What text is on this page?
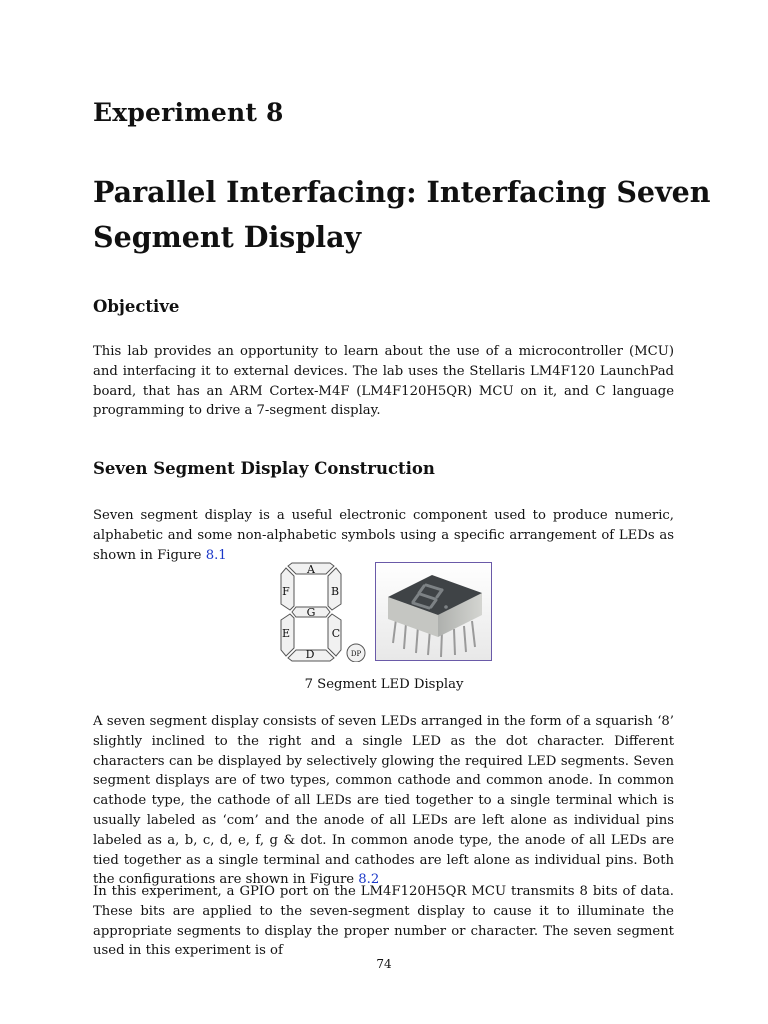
Experiment 8
Parallel Interfacing: Interfacing Seven Segment Display
Objective

This lab provides an opportunity to learn about the use of a microcontroller (MCU) and interfacing it to external devices. The lab uses the Stellaris LM4F120 LaunchPad board, that has an ARM Cortex-M4F (LM4F120H5QR) MCU on it, and C language programming to drive a 7-segment display.

Seven Segment Display Construction

Seven segment display is a useful electronic component used to produce numeric, alphabetic and some non-alphabetic symbols using a specific arrangement of LEDs as shown in Figure 8.1

A
F	B
G
E	C
D	DP
7 Segment LED Display

A seven segment display consists of seven LEDs arranged in the form of a squarish ‘8’ slightly inclined to the right and a single LED as the dot character. Different characters can be displayed by selectively glowing the required LED segments. Seven segment displays are of two types, common cathode and common anode. In common cathode type, the cathode of all LEDs are tied together to a single terminal which is usually labeled as ‘com’ and the anode of all LEDs are left alone as individual pins labeled as a, b, c, d, e, f, g & dot. In common anode type, the anode of all LEDs are tied together as a single terminal and cathodes are left alone as individual pins. Both the configurations are shown in Figure 8.2

In this experiment, a GPIO port on the LM4F120H5QR MCU transmits 8 bits of data. These bits are applied to the seven-segment display to cause it to illuminate the appropriate segments to display the proper number or character. The seven segment used in this experiment is of

74
